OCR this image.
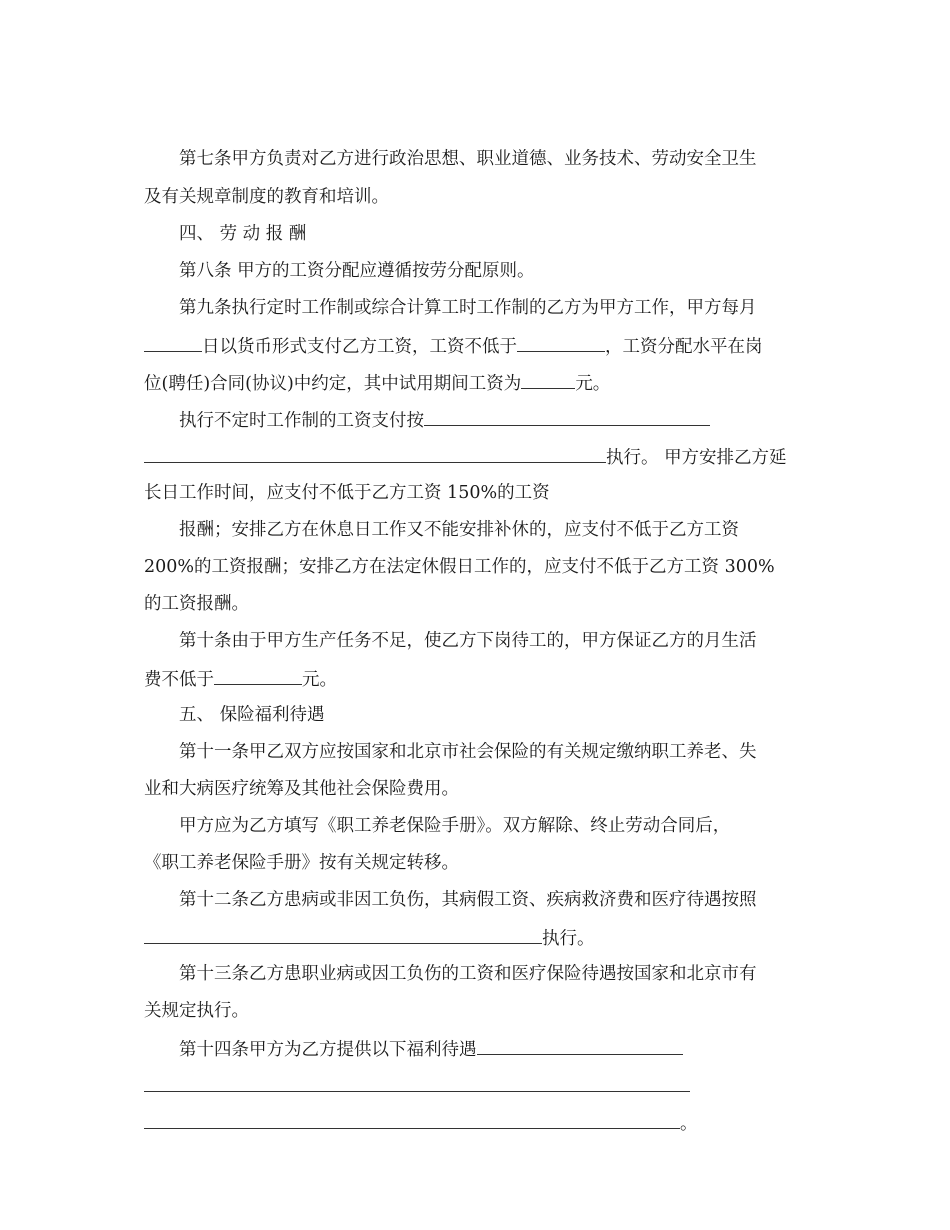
第七条甲方负责对乙方进行政治思想、职业道德、业务技术、劳动安全卫生
及有关规章制度的教育和培训。
四、 劳 动 报 酬
第八条 甲方的工资分配应遵循按劳分配原则。
第九条执行定时工作制或综合计算工时工作制的乙方为甲方工作，甲方每月
日以货币形式支付乙方工资，工资不低于	，工资分配水平在岗
位(聘任)合同(协议)中约定，其中试用期间工资为	元。
执行不定时工作制的工资支付按
执行。 甲方安排乙方延
长日工作时间，应支付不低于乙方工资 150%的工资
报酬；安排乙方在休息日工作又不能安排补休的，应支付不低于乙方工资
200%的工资报酬；安排乙方在法定休假日工作的，应支付不低于乙方工资 300%
的工资报酬。
第十条由于甲方生产任务不足，使乙方下岗待工的，甲方保证乙方的月生活
费不低于	元。
五、 保险福利待遇
第十一条甲乙双方应按国家和北京市社会保险的有关规定缴纳职工养老、失
业和大病医疗统筹及其他社会保险费用。
甲方应为乙方填写《职工养老保险手册》。双方解除、终止劳动合同后，
《职工养老保险手册》按有关规定转移。
第十二条乙方患病或非因工负伤，其病假工资、疾病救济费和医疗待遇按照
执行。
第十三条乙方患职业病或因工负伤的工资和医疗保险待遇按国家和北京市有
关规定执行。
第十四条甲方为乙方提供以下福利待遇
。
